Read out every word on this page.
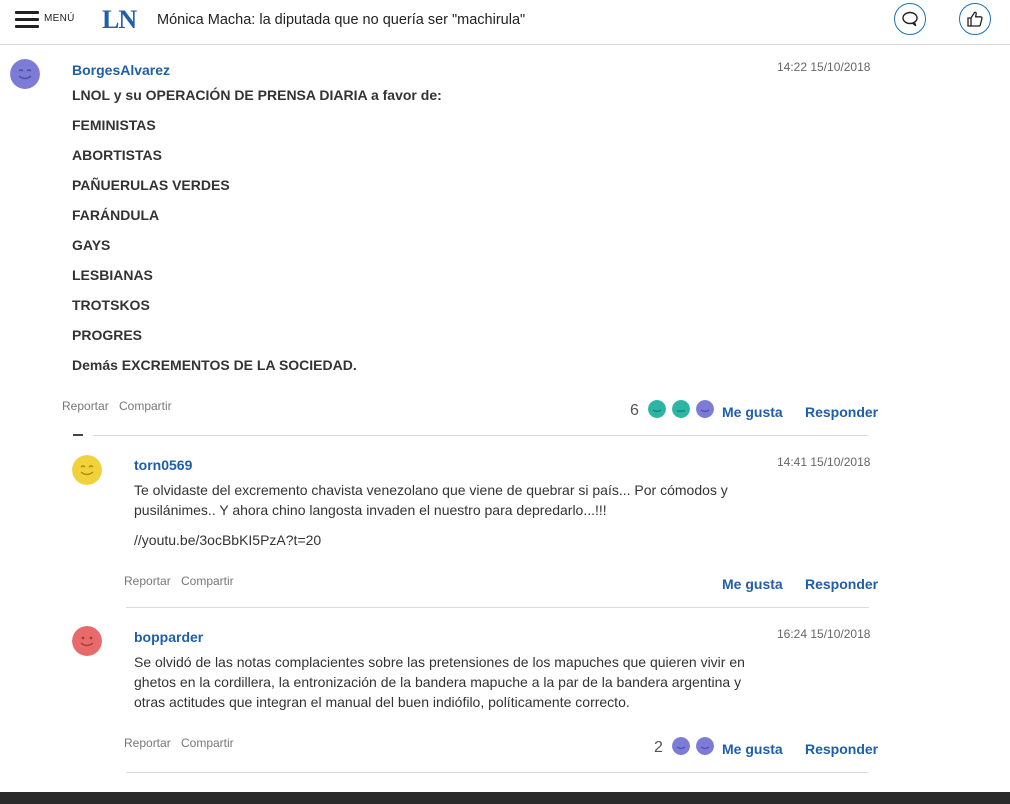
MENÚ LN Mónica Macha: la diputada que no quería ser "machirula"
BorgesAlvarez	14:22 15/10/2018
LNOL y su OPERACIÓN DE PRENSA DIARIA a favor de:
FEMINISTAS
ABORTISTAS
PAÑUERULAS VERDES
FARÁNDULA
GAYS
LESBIANAS
TROTSKOS
PROGRES
Demás EXCREMENTOS DE LA SOCIEDAD.
Reportar Compartir	6	Me gusta Responder
torn0569	14:41 15/10/2018
Te olvidaste del excremento chavista venezolano que viene de quebrar si país... Por cómodos y
pusilánimes.. Y ahora chino langosta invaden el nuestro para depredarlo...!!!
//youtu.be/3ocBbKI5PzA?t=20
Reportar Compartir	Me gusta Responder
bopparder	16:24 15/10/2018
Se olvidó de las notas complacientes sobre las pretensiones de los mapuches que quieren vivir en
ghetos en la cordillera, la entronización de la bandera mapuche a la par de la bandera argentina y
otras actitudes que integran el manual del buen indiófilo, políticamente correcto.
Reportar Compartir	2	Me gusta Responder
